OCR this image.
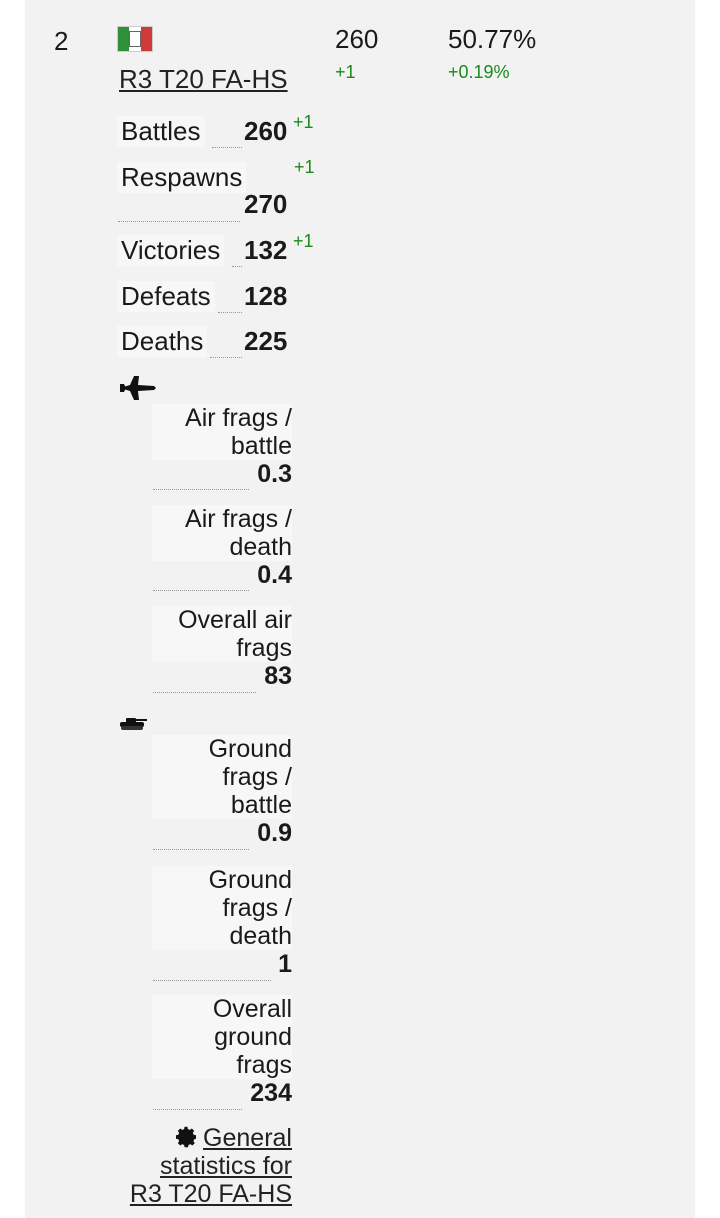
2
R3 T20 FA-HS
260
+1
50.77%
+0.19%
Battles 260 +1
Respawns	+1
270
Victories 132 +1
Defeats 128
Deaths 225
Air frags /
battle
0.3
Air frags /
death
0.4
Overall air
frags
83
Ground
frags /
battle
0.9
Ground
frags /
death
1
Overall
ground
frags
234
General
statistics for
R3 T20 FA-HS
